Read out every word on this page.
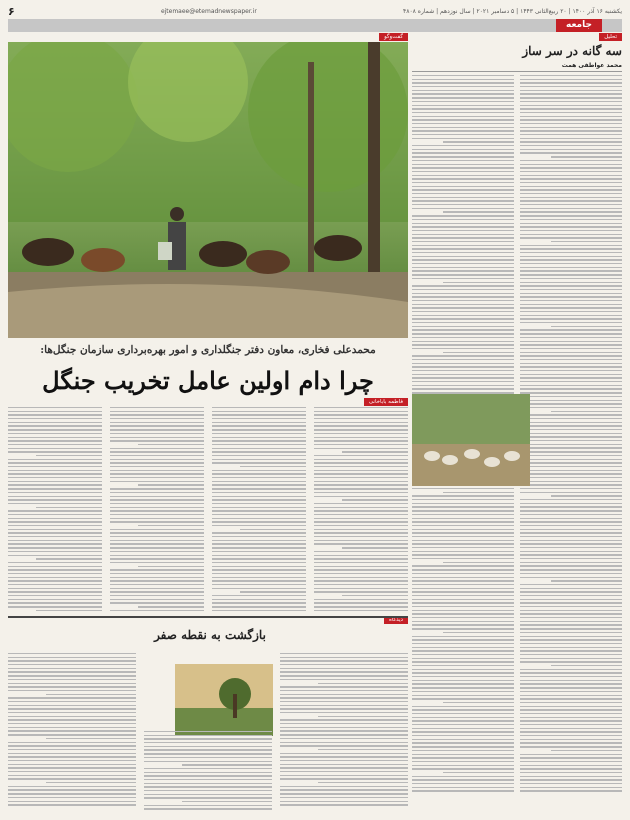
یکشنبه ۱۶ آذر ۱۴۰۰ | ۲۰ ربیع‌الثانی ۱۴۴۳ | ۵ دسامبر ۲۰۲۱ | سال نوزدهم | شماره ۴۸۰۸
ejtemaee@etemadnewspaper.ir
۶
جامعه
گفت‌وگو	تحلیل
سه گانه در سر ساز
محمد عواطفی همت
محمدعلی فخاری، معاون دفتر جنگلداری و امور بهره‌برداری سازمان جنگل‌ها:
چرا دام اولین عامل تخریب جنگل
فاطمه باباخانی
دیدگاه
بازگشت به نقطه صفر
